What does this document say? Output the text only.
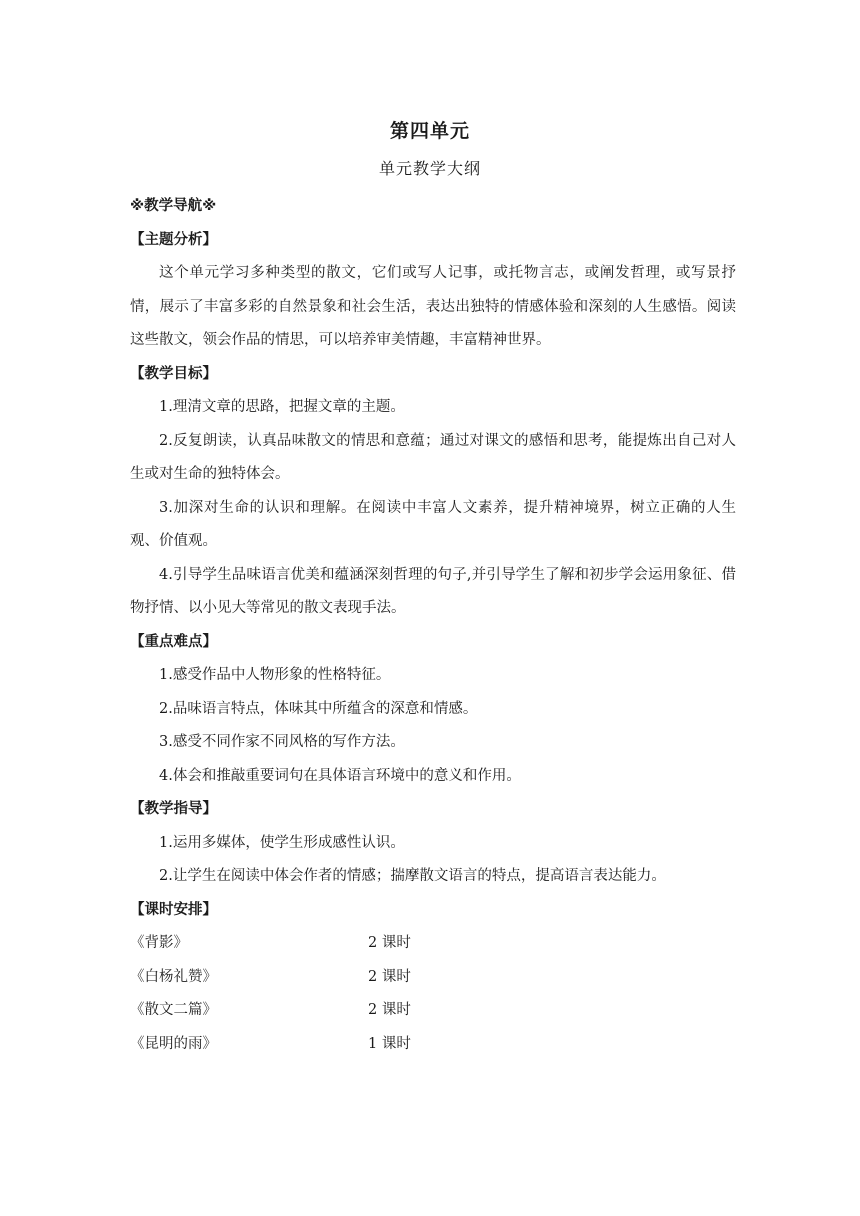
第四单元
单元教学大纲

※教学导航※

【主题分析】

这个单元学习多种类型的散文，它们或写人记事，或托物言志，或阐发哲理，或写景抒情，展示了丰富多彩的自然景象和社会生活，表达出独特的情感体验和深刻的人生感悟。阅读这些散文，领会作品的情思，可以培养审美情趣，丰富精神世界。

【教学目标】

1.理清文章的思路，把握文章的主题。

2.反复朗读，认真品味散文的情思和意蕴；通过对课文的感悟和思考，能提炼出自己对人生或对生命的独特体会。

3.加深对生命的认识和理解。在阅读中丰富人文素养，提升精神境界，树立正确的人生观、价值观。

4.引导学生品味语言优美和蕴涵深刻哲理的句子,并引导学生了解和初步学会运用象征、借物抒情、以小见大等常见的散文表现手法。

【重点难点】

1.感受作品中人物形象的性格特征。

2.品味语言特点，体味其中所蕴含的深意和情感。

3.感受不同作家不同风格的写作方法。

4.体会和推敲重要词句在具体语言环境中的意义和作用。

【教学指导】

1.运用多媒体，使学生形成感性认识。

2.让学生在阅读中体会作者的情感；揣摩散文语言的特点，提高语言表达能力。

【课时安排】

《背影》	2 课时
《白杨礼赞》	2 课时
《散文二篇》	2 课时
《昆明的雨》	1 课时
